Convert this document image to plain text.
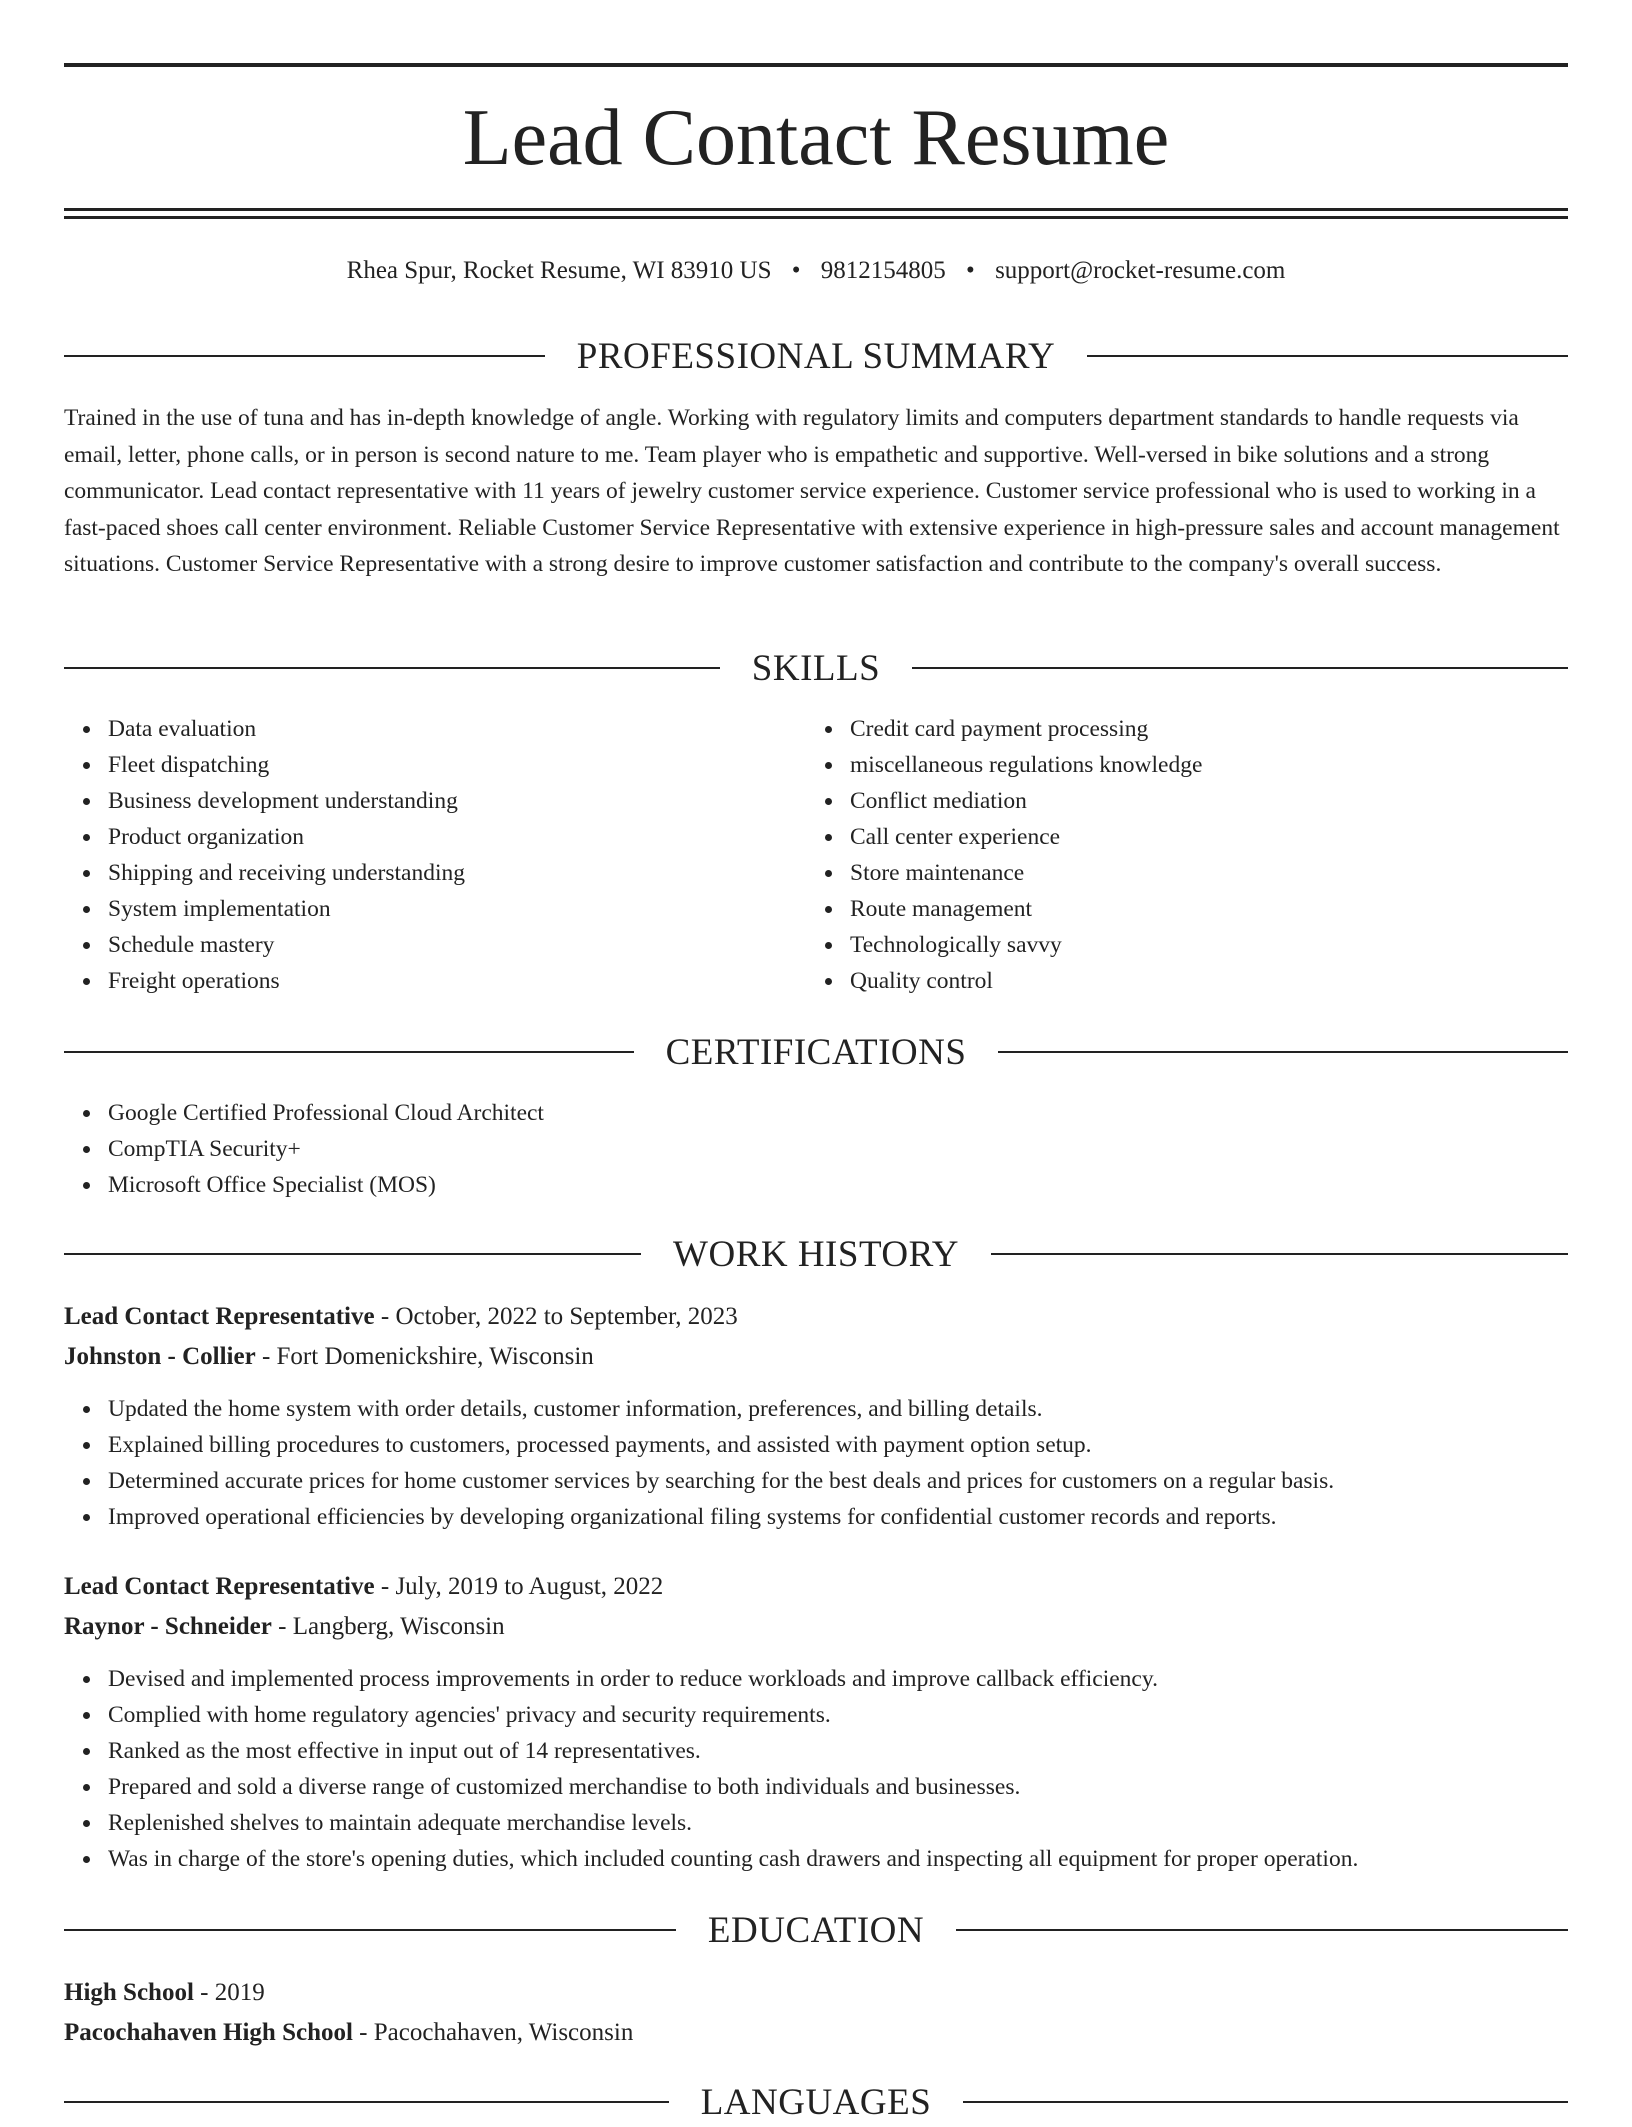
Lead Contact Resume
Rhea Spur, Rocket Resume, WI 83910 US • 9812154805 • support@rocket-resume.com
PROFESSIONAL SUMMARY

Trained in the use of tuna and has in-depth knowledge of angle. Working with regulatory limits and computers department standards to handle requests via email, letter, phone calls, or in person is second nature to me. Team player who is empathetic and supportive. Well-versed in bike solutions and a strong communicator. Lead contact representative with 11 years of jewelry customer service experience. Customer service professional who is used to working in a fast-paced shoes call center environment. Reliable Customer Service Representative with extensive experience in high-pressure sales and account management situations. Customer Service Representative with a strong desire to improve customer satisfaction and contribute to the company's overall success.

SKILLS
Data evaluation
Fleet dispatching
Business development understanding
Product organization
Shipping and receiving understanding
System implementation
Schedule mastery
Freight operations
Credit card payment processing
miscellaneous regulations knowledge
Conflict mediation
Call center experience
Store maintenance
Route management
Technologically savvy
Quality control
CERTIFICATIONS
Google Certified Professional Cloud Architect
CompTIA Security+
Microsoft Office Specialist (MOS)
WORK HISTORY
Lead Contact Representative - October, 2022 to September, 2023
Johnston - Collier - Fort Domenickshire, Wisconsin
Updated the home system with order details, customer information, preferences, and billing details.
Explained billing procedures to customers, processed payments, and assisted with payment option setup.
Determined accurate prices for home customer services by searching for the best deals and prices for customers on a regular basis.
Improved operational efficiencies by developing organizational filing systems for confidential customer records and reports.
Lead Contact Representative - July, 2019 to August, 2022
Raynor - Schneider - Langberg, Wisconsin
Devised and implemented process improvements in order to reduce workloads and improve callback efficiency.
Complied with home regulatory agencies' privacy and security requirements.
Ranked as the most effective in input out of 14 representatives.
Prepared and sold a diverse range of customized merchandise to both individuals and businesses.
Replenished shelves to maintain adequate merchandise levels.
Was in charge of the store's opening duties, which included counting cash drawers and inspecting all equipment for proper operation.
EDUCATION
High School - 2019
Pacochahaven High School - Pacochahaven, Wisconsin
LANGUAGES
